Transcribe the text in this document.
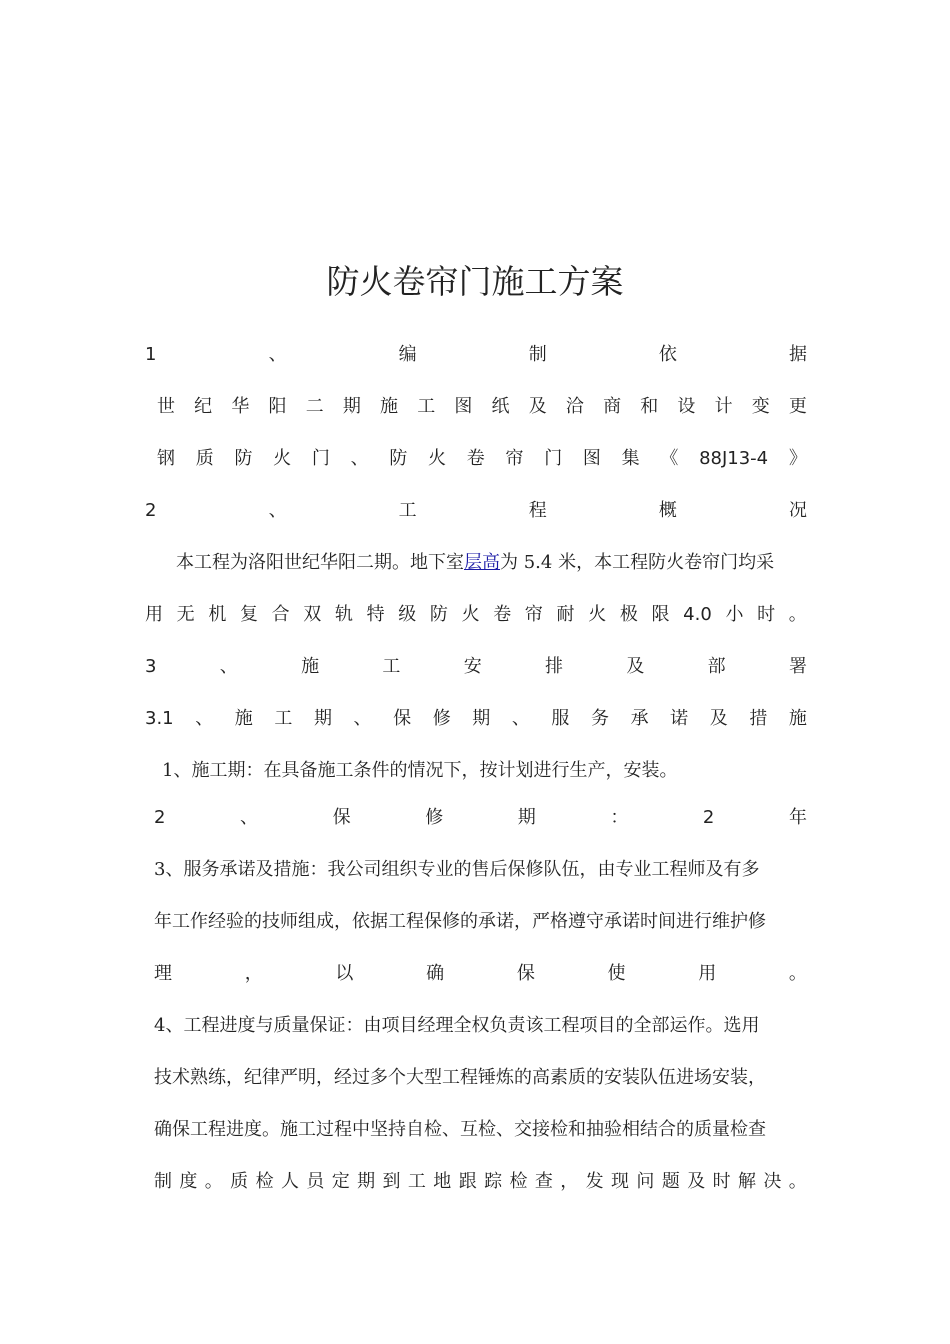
防火卷帘门施工方案
1	、	编	制	依	据
世 纪 华 阳 二 期 施 工 图 纸 及 洽 商 和 设 计 变 更
钢 质 防 火 门 、 防 火 卷 帘 门 图 集 《 88J13-4 》
2	、	工	程	概	况
本工程为洛阳世纪华阳二期。地下室层高为 5.4 米，本工程防火卷帘门均采
用 无 机 复 合 双 轨 特 级 防 火 卷 帘 耐 火 极 限 4.0 小 时 。
3	、	施	工	安	排	及	部	署
3.1 、 施 工 期 、 保 修 期 、 服 务 承 诺 及 措 施
1、施工期：在具备施工条件的情况下，按计划进行生产，安装。
2	、	保	修	期	：	2	年
3、服务承诺及措施：我公司组织专业的售后保修队伍，由专业工程师及有多
年工作经验的技师组成，依据工程保修的承诺，严格遵守承诺时间进行维护修
理	，	以	确	保	使	用	。
4、工程进度与质量保证：由项目经理全权负责该工程项目的全部运作。选用
技术熟练，纪律严明，经过多个大型工程锤炼的高素质的安装队伍进场安装，
确保工程进度。施工过程中坚持自检、互检、交接检和抽验相结合的质量检查
制 度 。 质 检 人 员 定 期 到 工 地 跟 踪 检 查 ， 发 现 问 题 及 时 解 决 。
